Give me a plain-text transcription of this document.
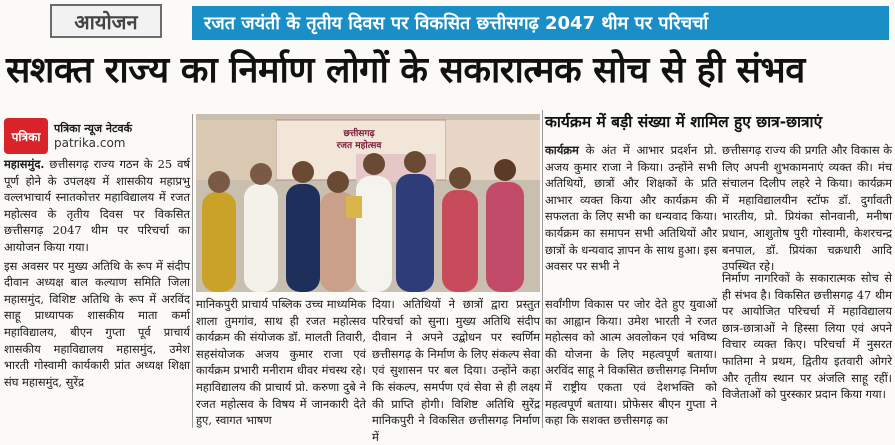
आयोजन	रजत जयंती के तृतीय दिवस पर विकसित छत्तीसगढ़ 2047 थीम पर परिचर्चा
सशक्त राज्य का निर्माण लोगों के सकारात्मक सोच से ही संभव
पत्रिका
पत्रिका न्यूज नेटवर्क
patrika.com

महासमुंद. छत्तीसगढ़ राज्य गठन के 25 वर्ष पूर्ण होने के उपलक्ष्य में शासकीय महाप्रभु वल्लभाचार्य स्नातकोत्तर महाविद्यालय में रजत महोत्सव के तृतीय दिवस पर विकसित छत्तीसगढ़ 2047 थीम पर परिचर्चा का आयोजन किया गया।

इस अवसर पर मुख्य अतिथि के रूप में संदीप दीवान अध्यक्ष बाल कल्याण समिति जिला महासमुंद, विशिष्ट अतिथि के रूप में अरविंद साहू प्राध्यापक शासकीय माता कर्मा महाविद्यालय, बीएन गुप्ता पूर्व प्राचार्य शासकीय महाविद्यालय महासमुंद, उमेश भारती गोस्वामी कार्यकारी प्रांत अध्यक्ष शिक्षा संघ महासमुंद, सुरेंद्र

छत्तीसगढ़
रजत महोत्सव
कार्यक्रम में बड़ी संख्या में शामिल हुए छात्र-छात्राएं
मानिकपुरी प्राचार्य पब्लिक उच्च माध्यमिक शाला तुमगांव, साथ ही रजत महोत्सव कार्यक्रम की संयोजक डॉ. मालती तिवारी, सहसंयोजक अजय कुमार राजा एवं कार्यक्रम प्रभारी मनीराम धीवर मंचस्थ रहे। महाविद्यालय की प्राचार्य प्रो. करुणा दुबे ने रजत महोत्सव के विषय में जानकारी देते हुए, स्वागत भाषण
दिया। अतिथियों ने छात्रों द्वारा प्रस्तुत परिचर्चा को सुना। मुख्य अतिथि संदीप दीवान ने अपने उद्बोधन पर स्वर्णिम छत्तीसगढ़ के निर्माण के लिए संकल्प सेवा एवं सुशासन पर बल दिया। उन्होंने कहा कि संकल्प, समर्पण एवं सेवा से ही लक्ष्य की प्राप्ति होगी। विशिष्ट अतिथि सुरेंद्र मानिकपुरी ने विकसित छत्तीसगढ़ निर्माण में
कार्यक्रम के अंत में आभार प्रदर्शन प्रो. अजय कुमार राजा ने किया। उन्होंने सभी अतिथियों, छात्रों और शिक्षकों के प्रति आभार व्यक्त किया और कार्यक्रम की सफलता के लिए सभी का धन्यवाद किया। कार्यक्रम का समापन सभी अतिथियों और छात्रों के धन्यवाद ज्ञापन के साथ हुआ। इस अवसर पर सभी ने
सर्वांगीण विकास पर जोर देते हुए युवाओं का आह्वान किया। उमेश भारती ने रजत महोत्सव को आत्म अवलोकन एवं भविष्य की योजना के लिए महत्वपूर्ण बताया। अरविंद साहू ने विकसित छत्तीसगढ़ निर्माण में राष्ट्रीय एकता एवं देशभक्ति को महत्वपूर्ण बताया। प्रोफेसर बीएन गुप्ता ने कहा कि सशक्त छत्तीसगढ़ का
छत्तीसगढ़ राज्य की प्रगति और विकास के लिए अपनी शुभकामनाएं व्यक्त की। मंच संचालन दिलीप लहरे ने किया। कार्यक्रम में महाविद्यालयीन स्टॉफ डॉ. दुर्गावती भारतीय, प्रो. प्रियंका सोनवानी, मनीषा प्रधान, आशुतोष पुरी गोस्वामी, केशरचन्द्र बनपाल, डॉ. प्रियंका चक्रधारी आदि उपस्थित रहे।
निर्माण नागरिकों के सकारात्मक सोच से ही संभव है। विकसित छत्तीसगढ़ 47 थीम पर आयोजित परिचर्चा में महाविद्यालय छात्र-छात्राओं ने हिस्सा लिया एवं अपने विचार व्यक्त किए। परिचर्चा में नुसरत फातिमा ने प्रथम, द्वितीय इतवारी ओगरे और तृतीय स्थान पर अंजलि साहू रहीं। विजेताओं को पुरस्कार प्रदान किया गया।
